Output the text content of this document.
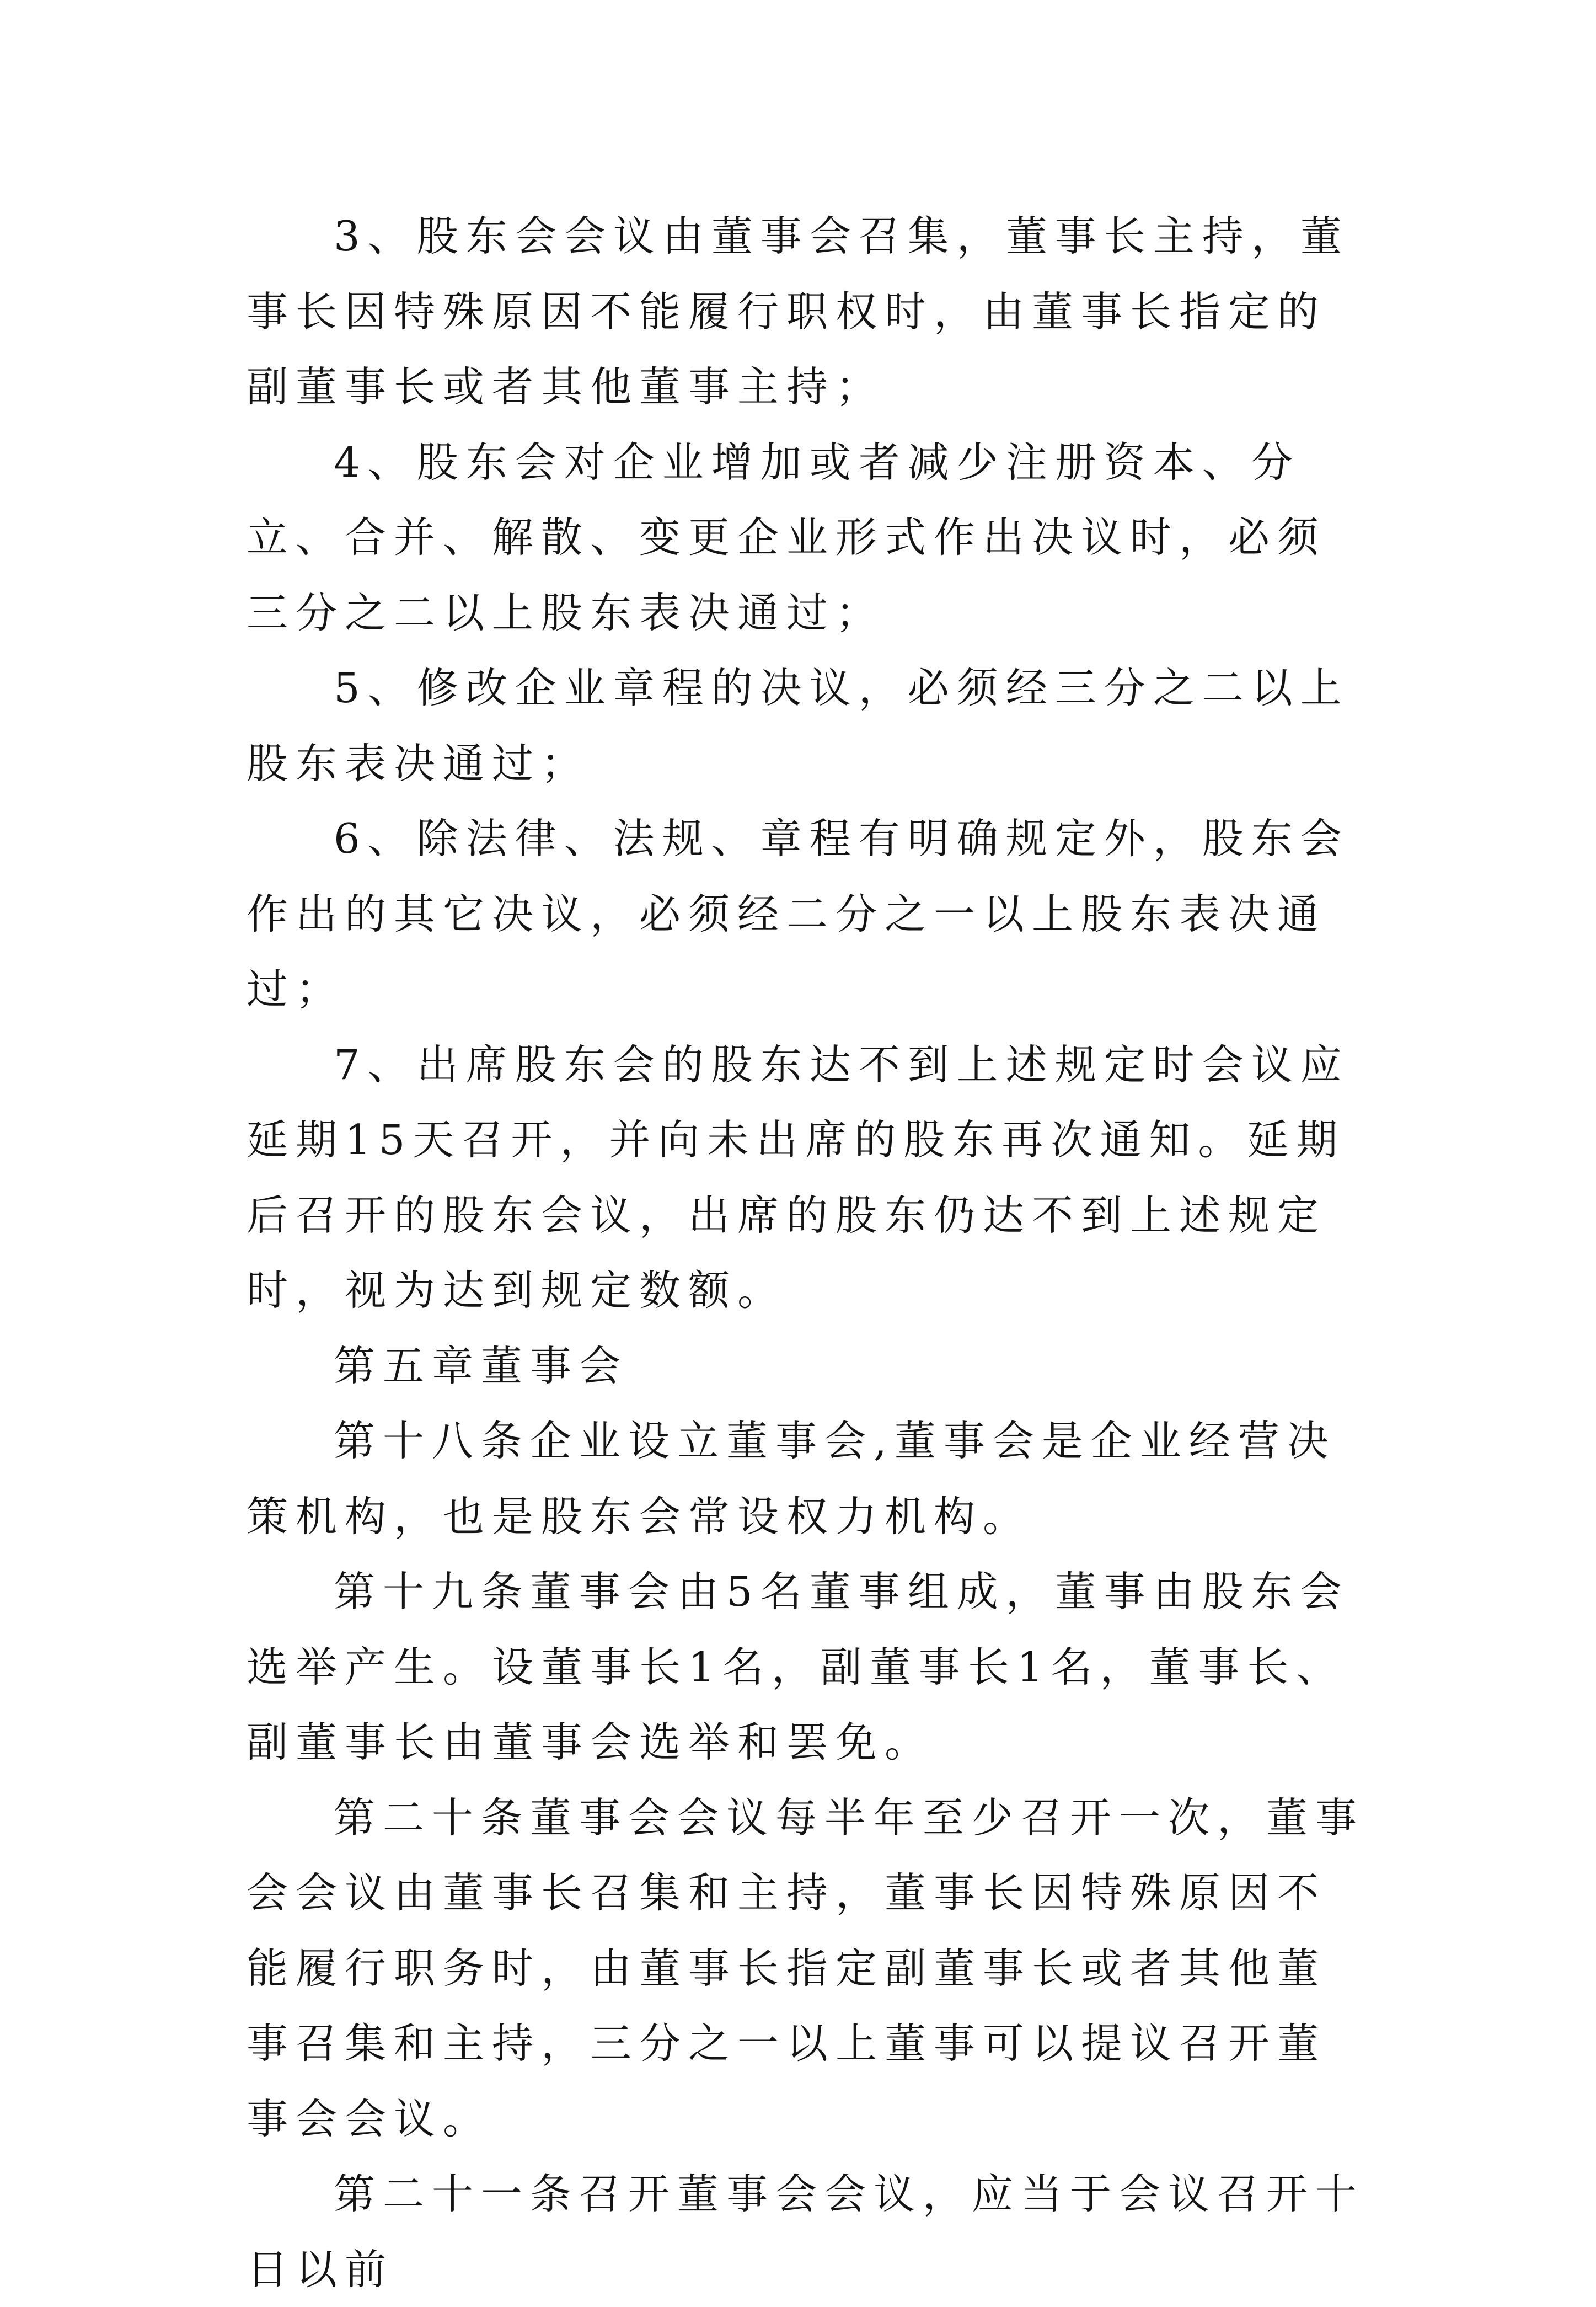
3、股东会会议由董事会召集，董事长主持，董事长因特殊原因不能履行职权时，由董事长指定的副董事长或者其他董事主持；

4、股东会对企业增加或者减少注册资本、分立、合并、解散、变更企业形式作出决议时，必须三分之二以上股东表决通过；

5、修改企业章程的决议，必须经三分之二以上股东表决通过；

6、除法律、法规、章程有明确规定外，股东会作出的其它决议，必须经二分之一以上股东表决通过；

7、出席股东会的股东达不到上述规定时会议应延期15天召开，并向未出席的股东再次通知。延期后召开的股东会议，出席的股东仍达不到上述规定时，视为达到规定数额。

第五章董事会

第十八条企业设立董事会,董事会是企业经营决策机构，也是股东会常设权力机构。

第十九条董事会由5名董事组成，董事由股东会选举产生。设董事长1名，副董事长1名，董事长、副董事长由董事会选举和罢免。

第二十条董事会会议每半年至少召开一次，董事会会议由董事长召集和主持，董事长因特殊原因不能履行职务时，由董事长指定副董事长或者其他董事召集和主持，三分之一以上董事可以提议召开董事会会议。

第二十一条召开董事会会议，应当于会议召开十日以前
